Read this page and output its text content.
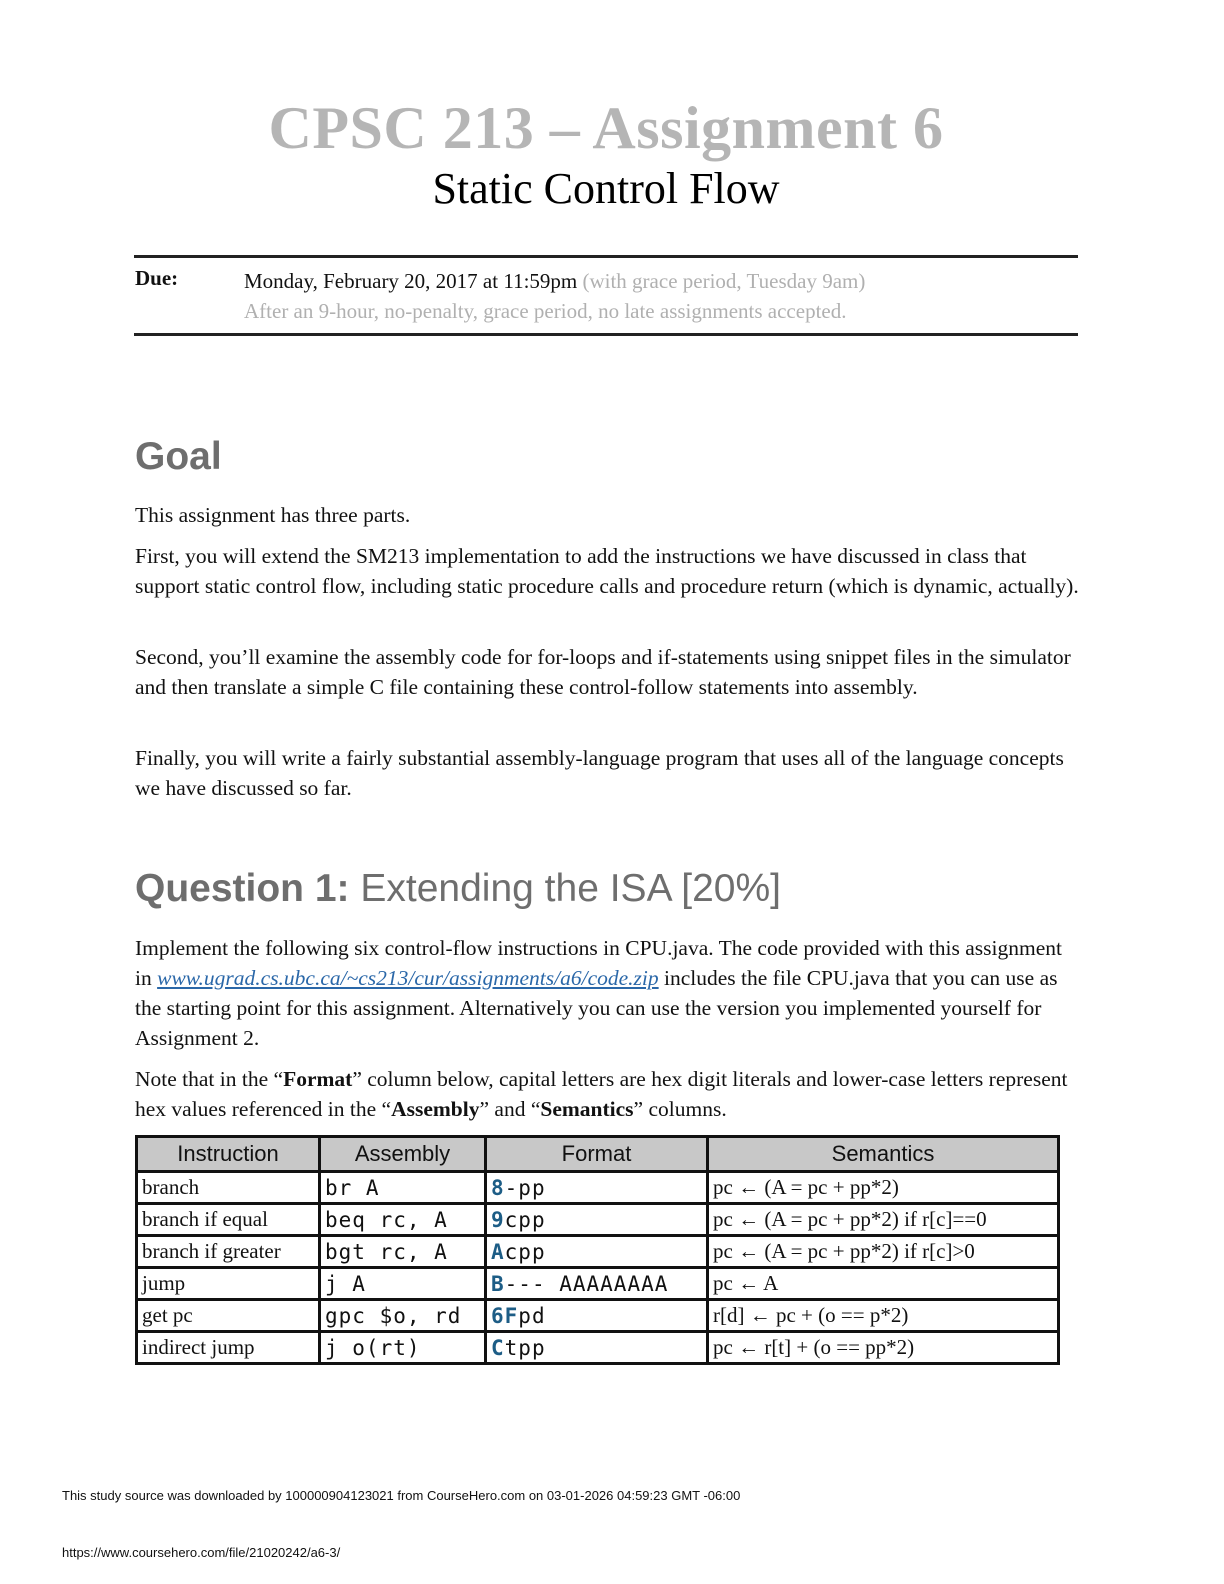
CPSC 213 – Assignment 6
Static Control Flow
Due:	Monday, February 20, 2017 at 11:59pm (with grace period, Tuesday 9am)
After an 9-hour, no-penalty, grace period, no late assignments accepted.
Goal
This assignment has three parts.
First, you will extend the SM213 implementation to add the instructions we have discussed in class that support static control flow, including static procedure calls and procedure return (which is dynamic, actually).
Second, you’ll examine the assembly code for for-loops and if-statements using snippet files in the simulator and then translate a simple C file containing these control-follow statements into assembly.
Finally, you will write a fairly substantial assembly-language program that uses all of the language concepts we have discussed so far.
Question 1: Extending the ISA [20%]
Implement the following six control-flow instructions in CPU.java. The code provided with this assignment in www.ugrad.cs.ubc.ca/~cs213/cur/assignments/a6/code.zip includes the file CPU.java that you can use as the starting point for this assignment. Alternatively you can use the version you implemented yourself for Assignment 2.
Note that in the “Format” column below, capital letters are hex digit literals and lower-case letters represent hex values referenced in the “Assembly” and “Semantics” columns.
Instruction	Assembly	Format	Semantics
branch	br A	8-pp	pc ← (A = pc + pp*2)
branch if equal	beq rc, A	9cpp	pc ← (A = pc + pp*2) if r[c]==0
branch if greater	bgt rc, A	Acpp	pc ← (A = pc + pp*2) if r[c]>0
jump	j A	B--- AAAAAAAA	pc ← A
get pc	gpc $o, rd	6Fpd	r[d] ← pc + (o == p*2)
indirect jump	j o(rt)	Ctpp	pc ← r[t] + (o == pp*2)
This study source was downloaded by 100000904123021 from CourseHero.com on 03-01-2026 04:59:23 GMT -06:00
https://www.coursehero.com/file/21020242/a6-3/
